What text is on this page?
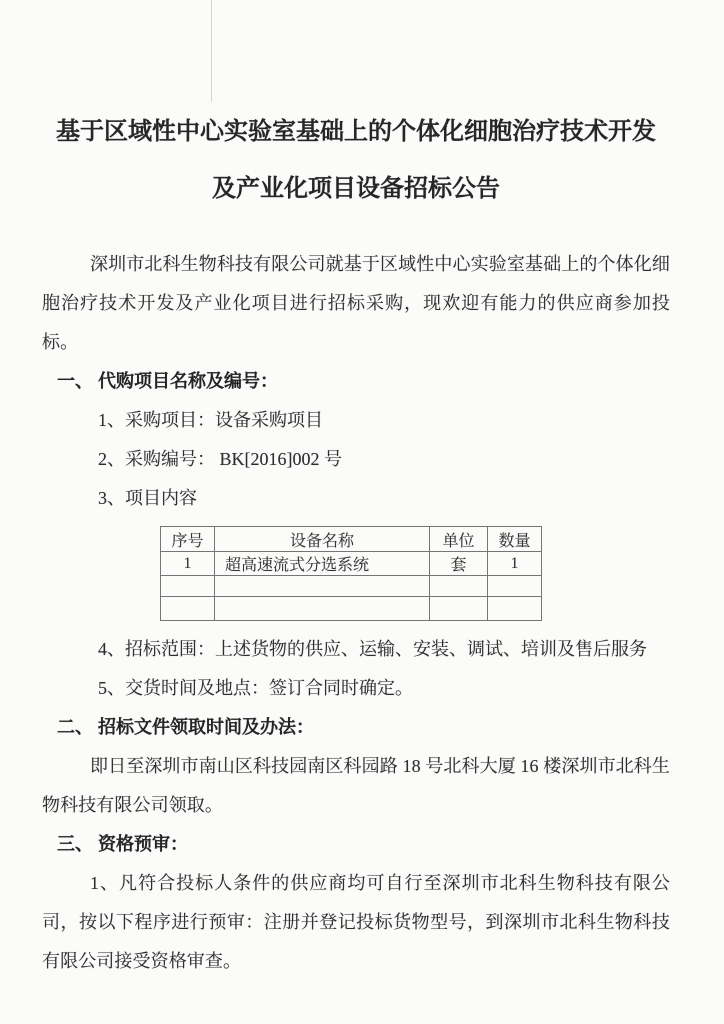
基于区域性中心实验室基础上的个体化细胞治疗技术开发
及产业化项目设备招标公告

深圳市北科生物科技有限公司就基于区域性中心实验室基础上的个体化细胞治疗技术开发及产业化项目进行招标采购，现欢迎有能力的供应商参加投标。

一、 代购项目名称及编号：

1、采购项目：设备采购项目

2、采购编号： BK[2016]002 号

3、项目内容

序号	设备名称	单位	数量
1	超高速流式分选系统	套	1

4、招标范围：上述货物的供应、运输、安装、调试、培训及售后服务

5、交货时间及地点：签订合同时确定。

二、 招标文件领取时间及办法：

即日至深圳市南山区科技园南区科园路 18 号北科大厦 16 楼深圳市北科生物科技有限公司领取。

三、 资格预审：

1、凡符合投标人条件的供应商均可自行至深圳市北科生物科技有限公司，按以下程序进行预审：注册并登记投标货物型号，到深圳市北科生物科技有限公司接受资格审查。
